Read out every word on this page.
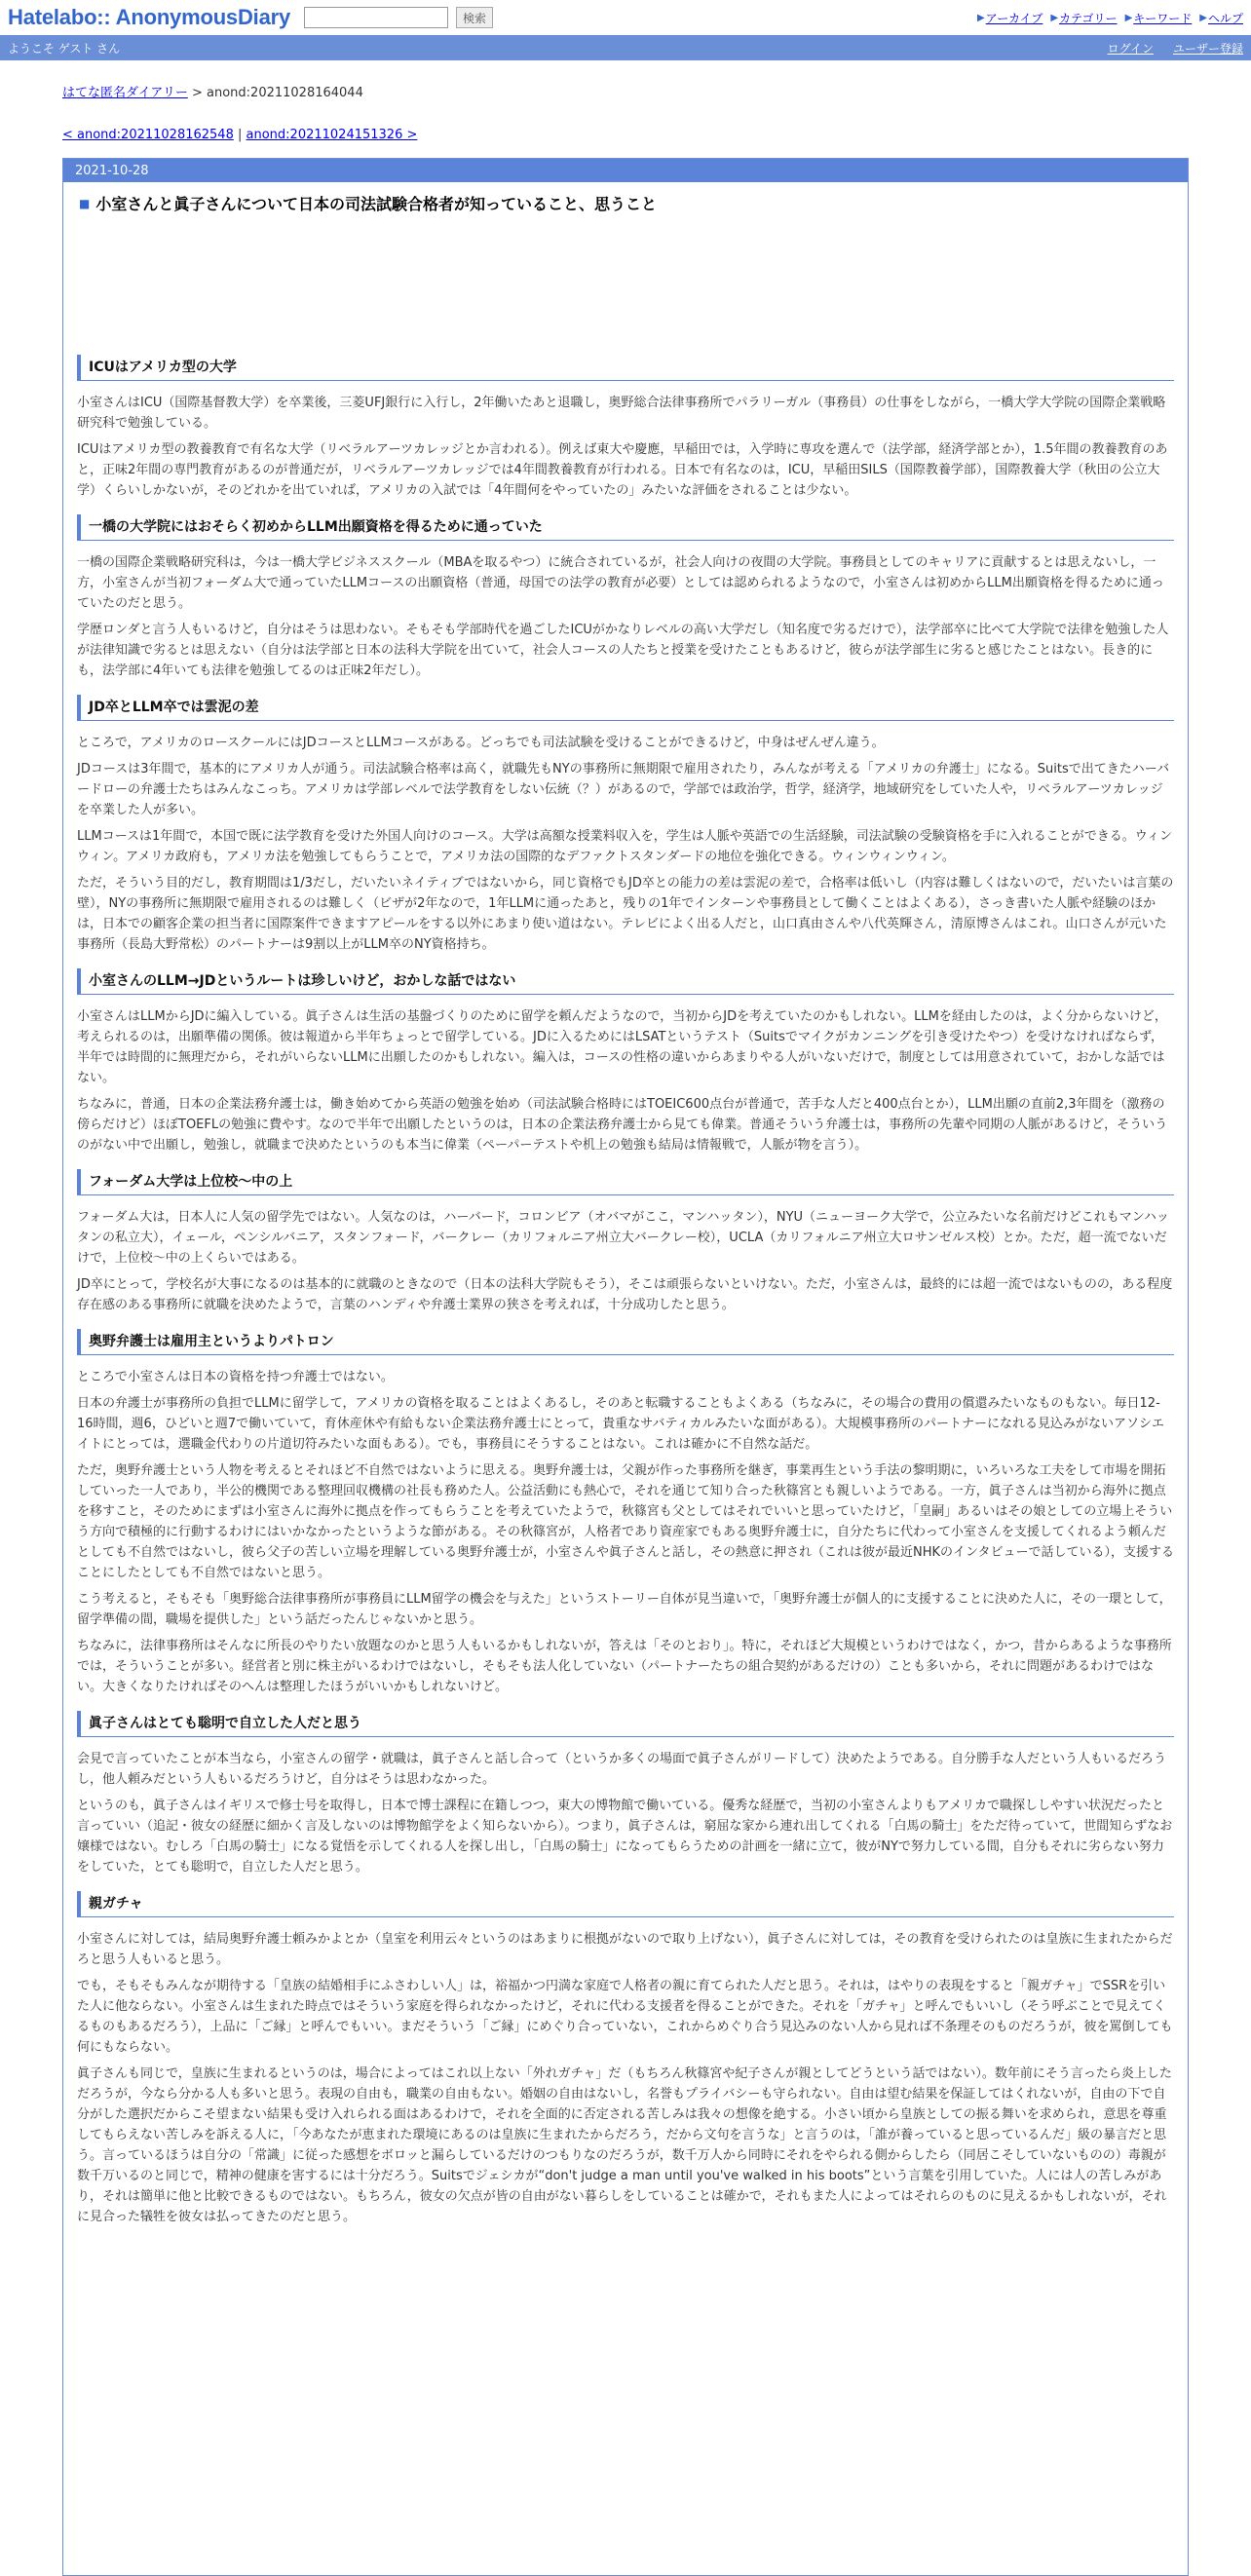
Hatelabo:: AnonymousDiary	検索	▶ アーカイブ ▶ カテゴリー ▶ キーワード ▶ ヘルプ
ようこそ ゲスト さん	ログイン ユーザー登録
はてな匿名ダイアリー > anond:20211028164044
< anond:20211028162548 | anond:20211024151326 >
2021-10-28
■ 小室さんと眞子さんについて日本の司法試験合格者が知っていること、思うこと
ICUはアメリカ型の大学

小室さんはICU（国際基督教大学）を卒業後，三菱UFJ銀行に入行し，2年働いたあと退職し，奥野総合法律事務所でパラリーガル（事務員）の仕事をしながら，一橋大学大学院の国際企業戦略研究科で勉強している。

ICUはアメリカ型の教養教育で有名な大学（リベラルアーツカレッジとか言われる）。例えば東大や慶應，早稲田では，入学時に専攻を選んで（法学部，経済学部とか），1.5年間の教養教育のあと，正味2年間の専門教育があるのが普通だが，リベラルアーツカレッジでは4年間教養教育が行われる。日本で有名なのは，ICU，早稲田SILS（国際教養学部），国際教養大学（秋田の公立大学）くらいしかないが，そのどれかを出ていれば，アメリカの入試では「4年間何をやっていたの」みたいな評価をされることは少ない。

一橋の大学院にはおそらく初めからLLM出願資格を得るために通っていた

一橋の国際企業戦略研究科は，今は一橋大学ビジネススクール（MBAを取るやつ）に統合されているが，社会人向けの夜間の大学院。事務員としてのキャリアに貢献するとは思えないし，一方，小室さんが当初フォーダム大で通っていたLLMコースの出願資格（普通，母国での法学の教育が必要）としては認められるようなので，小室さんは初めからLLM出願資格を得るために通っていたのだと思う。

学歴ロンダと言う人もいるけど，自分はそうは思わない。そもそも学部時代を過ごしたICUがかなりレベルの高い大学だし（知名度で劣るだけで），法学部卒に比べて大学院で法律を勉強した人が法律知識で劣るとは思えない（自分は法学部と日本の法科大学院を出ていて，社会人コースの人たちと授業を受けたこともあるけど，彼らが法学部生に劣ると感じたことはない。長き的にも，法学部に4年いても法律を勉強してるのは正味2年だし）。

JD卒とLLM卒では雲泥の差

ところで，アメリカのロースクールにはJDコースとLLMコースがある。どっちでも司法試験を受けることができるけど，中身はぜんぜん違う。

JDコースは3年間で，基本的にアメリカ人が通う。司法試験合格率は高く，就職先もNYの事務所に無期限で雇用されたり，みんなが考える「アメリカの弁護士」になる。Suitsで出てきたハーバードローの弁護士たちはみんなこっち。アメリカは学部レベルで法学教育をしない伝統（？）があるので，学部では政治学，哲学，経済学，地域研究をしていた人や，リベラルアーツカレッジを卒業した人が多い。

LLMコースは1年間で，本国で既に法学教育を受けた外国人向けのコース。大学は高額な授業料収入を，学生は人脈や英語での生活経験，司法試験の受験資格を手に入れることができる。ウィンウィン。アメリカ政府も，アメリカ法を勉強してもらうことで，アメリカ法の国際的なデファクトスタンダードの地位を強化できる。ウィンウィンウィン。

ただ，そういう目的だし，教育期間は1/3だし，だいたいネイティブではないから，同じ資格でもJD卒との能力の差は雲泥の差で，合格率は低いし（内容は難しくはないので，だいたいは言葉の壁），NYの事務所に無期限で雇用されるのは難しく（ビザが2年なので，1年LLMに通ったあと，残りの1年でインターンや事務員として働くことはよくある），さっき書いた人脈や経験のほかは，日本での顧客企業の担当者に国際案件できますアピールをする以外にあまり使い道はない。テレビによく出る人だと，山口真由さんや八代英輝さん，清原博さんはこれ。山口さんが元いた事務所（長島大野常松）のパートナーは9割以上がLLM卒のNY資格持ち。

小室さんのLLM→JDというルートは珍しいけど，おかしな話ではない

小室さんはLLMからJDに編入している。眞子さんは生活の基盤づくりのために留学を頼んだようなので，当初からJDを考えていたのかもしれない。LLMを経由したのは，よく分からないけど，考えられるのは，出願準備の関係。彼は報道から半年ちょっとで留学している。JDに入るためにはLSATというテスト（Suitsでマイクがカンニングを引き受けたやつ）を受けなければならず，半年では時間的に無理だから，それがいらないLLMに出願したのかもしれない。編入は，コースの性格の違いからあまりやる人がいないだけで，制度としては用意されていて，おかしな話ではない。

ちなみに，普通，日本の企業法務弁護士は，働き始めてから英語の勉強を始め（司法試験合格時にはTOEIC600点台が普通で，苦手な人だと400点台とか），LLM出願の直前2,3年間を（激務の傍らだけど）ほぼTOEFLの勉強に費やす。なので半年で出願したというのは，日本の企業法務弁護士から見ても偉業。普通そういう弁護士は，事務所の先輩や同期の人脈があるけど，そういうのがない中で出願し，勉強し，就職まで決めたというのも本当に偉業（ペーパーテストや机上の勉強も結局は情報戦で，人脈が物を言う）。

フォーダム大学は上位校〜中の上

フォーダム大は，日本人に人気の留学先ではない。人気なのは，ハーバード，コロンビア（オバマがここ，マンハッタン），NYU（ニューヨーク大学で，公立みたいな名前だけどこれもマンハッタンの私立大），イェール，ペンシルバニア，スタンフォード，バークレー（カリフォルニア州立大バークレー校），UCLA（カリフォルニア州立大ロサンゼルス校）とか。ただ，超一流でないだけで，上位校〜中の上くらいではある。

JD卒にとって，学校名が大事になるのは基本的に就職のときなので（日本の法科大学院もそう），そこは頑張らないといけない。ただ，小室さんは，最終的には超一流ではないものの，ある程度存在感のある事務所に就職を決めたようで，言葉のハンディや弁護士業界の狭さを考えれば，十分成功したと思う。

奥野弁護士は雇用主というよりパトロン

ところで小室さんは日本の資格を持つ弁護士ではない。

日本の弁護士が事務所の負担でLLMに留学して，アメリカの資格を取ることはよくあるし，そのあと転職することもよくある（ちなみに，その場合の費用の償還みたいなものもない。毎日12-16時間，週6，ひどいと週7で働いていて，育休産休や有給もない企業法務弁護士にとって，貴重なサバティカルみたいな面がある）。大規模事務所のパートナーになれる見込みがないアソシエイトにとっては，選職金代わりの片道切符みたいな面もある）。でも，事務員にそうすることはない。これは確かに不自然な話だ。

ただ，奥野弁護士という人物を考えるとそれほど不自然ではないように思える。奥野弁護士は，父親が作った事務所を継ぎ，事業再生という手法の黎明期に，いろいろな工夫をして市場を開拓していった一人であり，半公的機関である整理回収機構の社長も務めた人。公益活動にも熱心で，それを通じて知り合った秋篠宮とも親しいようである。一方，眞子さんは当初から海外に拠点を移すこと，そのためにまずは小室さんに海外に拠点を作ってもらうことを考えていたようで，秋篠宮も父としてはそれでいいと思っていたけど，「皇嗣」あるいはその娘としての立場上そういう方向で積極的に行動するわけにはいかなかったというような節がある。その秋篠宮が，人格者であり資産家でもある奥野弁護士に，自分たちに代わって小室さんを支援してくれるよう頼んだとしても不自然ではないし，彼ら父子の苦しい立場を理解している奥野弁護士が，小室さんや眞子さんと話し，その熱意に押され（これは彼が最近NHKのインタビューで話している），支援することにしたとしても不自然ではないと思う。

こう考えると，そもそも「奥野総合法律事務所が事務員にLLM留学の機会を与えた」というストーリー自体が見当違いで，「奥野弁護士が個人的に支援することに決めた人に，その一環として，留学準備の間，職場を提供した」という話だったんじゃないかと思う。

ちなみに，法律事務所はそんなに所長のやりたい放題なのかと思う人もいるかもしれないが，答えは「そのとおり」。特に，それほど大規模というわけではなく，かつ，昔からあるような事務所では，そういうことが多い。経営者と別に株主がいるわけではないし，そもそも法人化していない（パートナーたちの組合契約があるだけの）ことも多いから，それに問題があるわけではない。大きくなりたければそのへんは整理したほうがいいかもしれないけど。

眞子さんはとても聡明で自立した人だと思う

会見で言っていたことが本当なら，小室さんの留学・就職は，眞子さんと話し合って（というか多くの場面で眞子さんがリードして）決めたようである。自分勝手な人だという人もいるだろうし，他人頼みだという人もいるだろうけど，自分はそうは思わなかった。

というのも，眞子さんはイギリスで修士号を取得し，日本で博士課程に在籍しつつ，東大の博物館で働いている。優秀な経歴で，当初の小室さんよりもアメリカで職探ししやすい状況だったと言っていい（追記・彼女の経歴に細かく言及しないのは博物館学をよく知らないから）。つまり，眞子さんは，窮屈な家から連れ出してくれる「白馬の騎士」をただ待っていて，世間知らずなお嬢様ではない。むしろ「白馬の騎士」になる覚悟を示してくれる人を探し出し，「白馬の騎士」になってもらうための計画を一緒に立て，彼がNYで努力している間，自分もそれに劣らない努力をしていた，とても聡明で，自立した人だと思う。

親ガチャ

小室さんに対しては，結局奥野弁護士頼みかよとか（皇室を利用云々というのはあまりに根拠がないので取り上げない），眞子さんに対しては，その教育を受けられたのは皇族に生まれたからだろと思う人もいると思う。

でも，そもそもみんなが期待する「皇族の結婚相手にふさわしい人」は，裕福かつ円満な家庭で人格者の親に育てられた人だと思う。それは，はやりの表現をすると「親ガチャ」でSSRを引いた人に他ならない。小室さんは生まれた時点ではそういう家庭を得られなかったけど，それに代わる支援者を得ることができた。それを「ガチャ」と呼んでもいいし（そう呼ぶことで見えてくるものもあるだろう），上品に「ご縁」と呼んでもいい。まだそういう「ご縁」にめぐり合っていない，これからめぐり合う見込みのない人から見れば不条理そのものだろうが，彼を罵倒しても何にもならない。

眞子さんも同じで，皇族に生まれるというのは，場合によってはこれ以上ない「外れガチャ」だ（もちろん秋篠宮や紀子さんが親としてどうという話ではない）。数年前にそう言ったら炎上しただろうが，今なら分かる人も多いと思う。表現の自由も，職業の自由もない。婚姻の自由はないし，名誉もプライバシーも守られない。自由は望む結果を保証してはくれないが，自由の下で自分がした選択だからこそ望まない結果も受け入れられる面はあるわけで，それを全面的に否定される苦しみは我々の想像を絶する。小さい頃から皇族としての振る舞いを求められ，意思を尊重してもらえない苦しみを訴える人に，「今あなたが恵まれた環境にあるのは皇族に生まれたからだろう，だから文句を言うな」と言うのは，「誰が養っていると思っているんだ」級の暴言だと思う。言っているほうは自分の「常識」に従った感想をボロッと漏らしているだけのつもりなのだろうが，数千万人から同時にそれをやられる側からしたら（同居こそしていないものの）毒親が数千万いるのと同じで，精神の健康を害するには十分だろう。Suitsでジェシカが“don't judge a man until you've walked in his boots”という言葉を引用していた。人には人の苦しみがあり，それは簡単に他と比較できるものではない。もちろん，彼女の欠点が皆の自由がない暮らしをしていることは確かで，それもまた人によってはそれらのものに見えるかもしれないが，それに見合った犠牲を彼女は払ってきたのだと思う。
